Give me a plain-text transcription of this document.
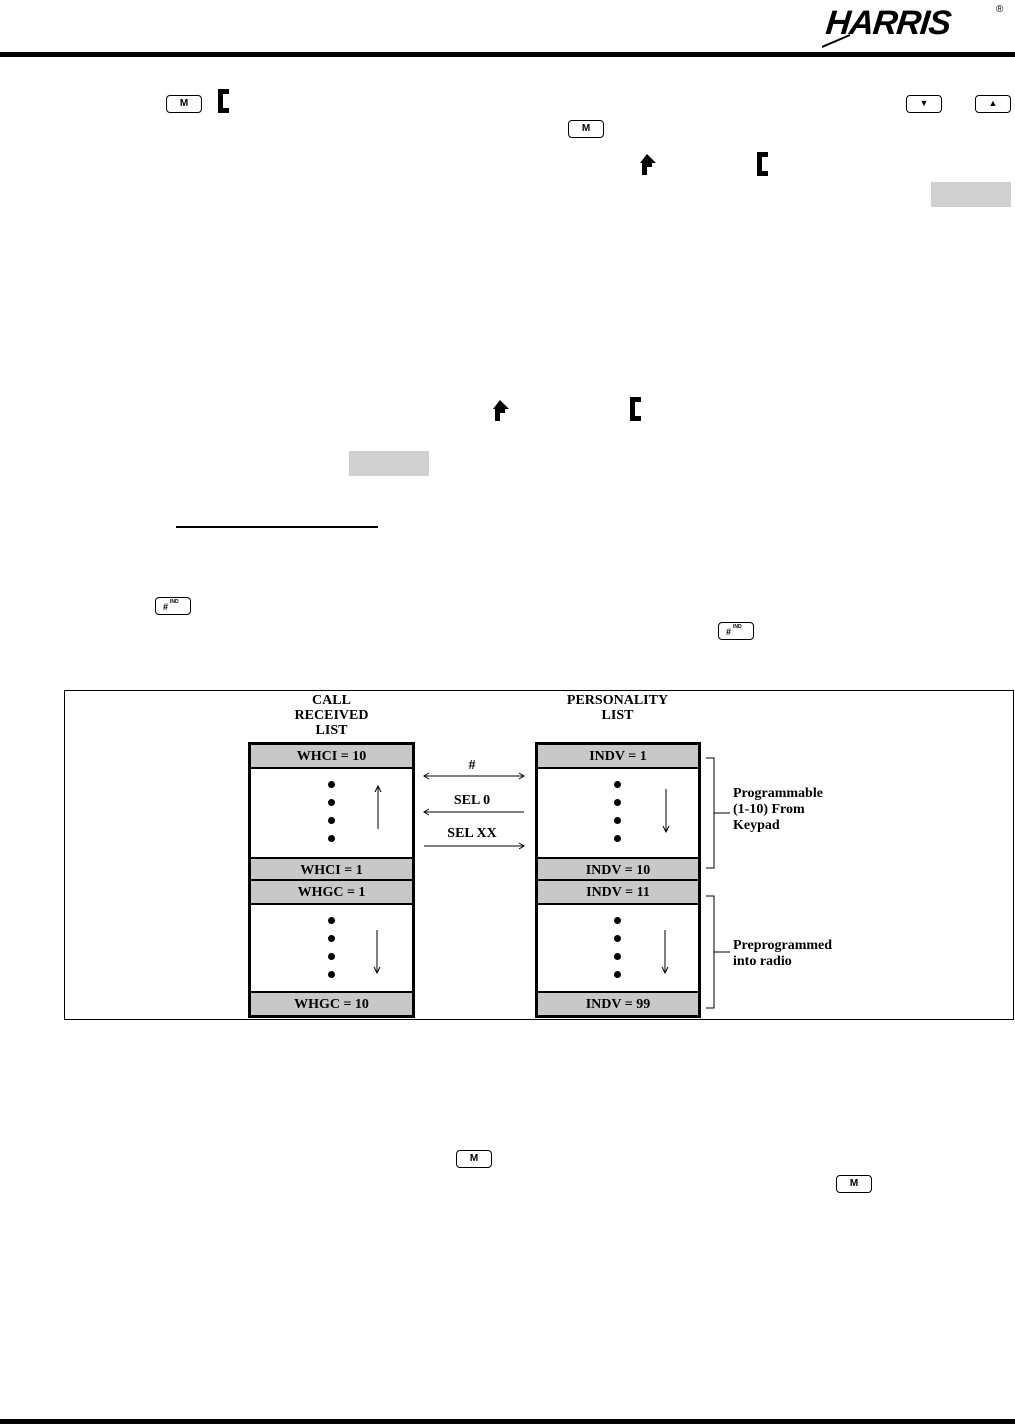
HARRIS	®
M	▼	▲
M
# $^{IND}$
# $^{IND}$
CALL
RECEIVED
LIST
PERSONALITY
LIST
WHCI = 10
WHCI = 1
WHGC = 1
WHGC = 10
INDV = 1
INDV = 10
INDV = 11
INDV = 99
#
SEL 0
SEL XX
Programmable
(1-10) From
Keypad
Preprogrammed
into radio
M
M
